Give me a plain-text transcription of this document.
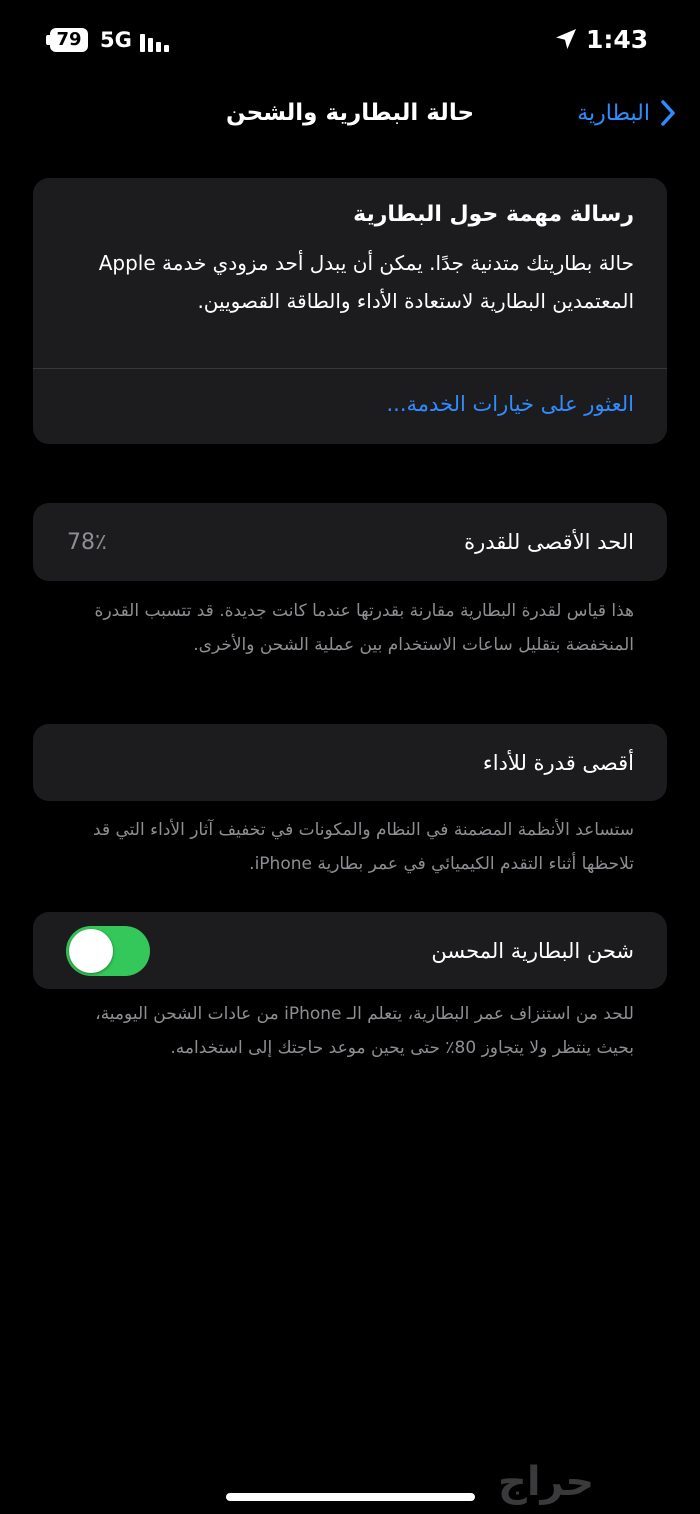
79 5G	1:43
حالة البطارية والشحن	البطارية
رسالة مهمة حول البطارية
حالة بطاريتك متدنية جدًا. يمكن أن يبدل أحد مزودي خدمة Apple المعتمدين البطارية لاستعادة الأداء والطاقة القصويين.
العثور على خيارات الخدمة...
الحد الأقصى للقدرة
78٪
هذا قياس لقدرة البطارية مقارنة بقدرتها عندما كانت جديدة. قد تتسبب القدرة المنخفضة بتقليل ساعات الاستخدام بين عملية الشحن والأخرى.
أقصى قدرة للأداء
ستساعد الأنظمة المضمنة في النظام والمكونات في تخفيف آثار الأداء التي قد تلاحظها أثناء التقدم الكيميائي في عمر بطارية iPhone.
شحن البطارية المحسن
للحد من استنزاف عمر البطارية، يتعلم الـ iPhone من عادات الشحن اليومية، بحيث ينتظر ولا يتجاوز 80٪ حتى يحين موعد حاجتك إلى استخدامه.
حراج
